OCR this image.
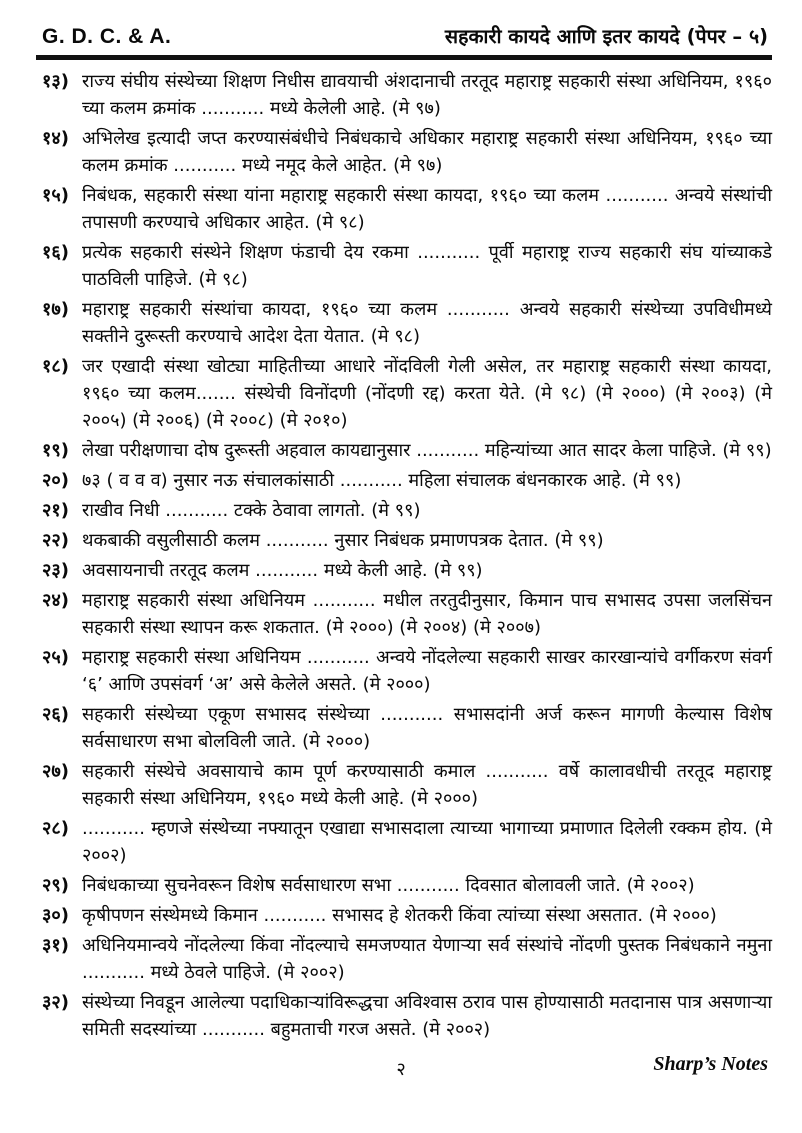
G. D. C. & A.	सहकारी कायदे आणि इतर कायदे (पेपर – ५)
१३) राज्य संघीय संस्थेच्या शिक्षण निधीस द्यावयाची अंशदानाची तरतूद महाराष्ट्र सहकारी संस्था अधिनियम, १९६० च्या कलम क्रमांक ........... मध्ये केलेली आहे. (मे ९७)
१४) अभिलेख इत्यादी जप्त करण्यासंबंधीचे निबंधकाचे अधिकार महाराष्ट्र सहकारी संस्था अधिनियम, १९६० च्या कलम क्रमांक ........... मध्ये नमूद केले आहेत. (मे ९७)
१५) निबंधक, सहकारी संस्था यांना महाराष्ट्र सहकारी संस्था कायदा, १९६० च्या कलम ........... अन्वये संस्थांची तपासणी करण्याचे अधिकार आहेत. (मे ९८)
१६) प्रत्येक सहकारी संस्थेने शिक्षण फंडाची देय रकमा ........... पूर्वी महाराष्ट्र राज्य सहकारी संघ यांच्याकडे पाठविली पाहिजे. (मे ९८)
१७) महाराष्ट्र सहकारी संस्थांचा कायदा, १९६० च्या कलम ........... अन्वये सहकारी संस्थेच्या उपविधीमध्ये सक्तीने दुरूस्ती करण्याचे आदेश देता येतात. (मे ९८)
१८) जर एखादी संस्था खोट्या माहितीच्या आधारे नोंदविली गेली असेल, तर महाराष्ट्र सहकारी संस्था कायदा, १९६० च्या कलम....... संस्थेची विनोंदणी (नोंदणी रद्द) करता येते. (मे ९८) (मे २०००) (मे २००३) (मे २००५) (मे २००६) (मे २००८) (मे २०१०)
१९) लेखा परीक्षणाचा दोष दुरूस्ती अहवाल कायद्यानुसार ........... महिन्यांच्या आत सादर केला पाहिजे. (मे ९९)
२०) ७३ ( व व व) नुसार नऊ संचालकांसाठी ........... महिला संचालक बंधनकारक आहे. (मे ९९)
२१) राखीव निधी ........... टक्के ठेवावा लागतो. (मे ९९)
२२) थकबाकी वसुलीसाठी कलम ........... नुसार निबंधक प्रमाणपत्रक देतात. (मे ९९)
२३) अवसायनाची तरतूद कलम ........... मध्ये केली आहे. (मे ९९)
२४) महाराष्ट्र सहकारी संस्था अधिनियम ........... मधील तरतुदीनुसार, किमान पाच सभासद उपसा जलसिंचन सहकारी संस्था स्थापन करू शकतात. (मे २०००) (मे २००४) (मे २००७)
२५) महाराष्ट्र सहकारी संस्था अधिनियम ........... अन्वये नोंदलेल्या सहकारी साखर कारखान्यांचे वर्गीकरण संवर्ग ‘६’ आणि उपसंवर्ग ‘अ’ असे केलेले असते. (मे २०००)
२६) सहकारी संस्थेच्या एकूण सभासद संस्थेच्या ........... सभासदांनी अर्ज करून मागणी केल्यास विशेष सर्वसाधारण सभा बोलविली जाते. (मे २०००)
२७) सहकारी संस्थेचे अवसायाचे काम पूर्ण करण्यासाठी कमाल ........... वर्षे कालावधीची तरतूद महाराष्ट्र सहकारी संस्था अधिनियम, १९६० मध्ये केली आहे. (मे २०००)
२८) ........... म्हणजे संस्थेच्या नफ्यातून एखाद्या सभासदाला त्याच्या भागाच्या प्रमाणात दिलेली रक्कम होय. (मे २००२)
२९) निबंधकाच्या सुचनेवरून विशेष सर्वसाधारण सभा ........... दिवसात बोलावली जाते. (मे २००२)
३०) कृषीपणन संस्थेमध्ये किमान ........... सभासद हे शेतकरी किंवा त्यांच्या संस्था असतात. (मे २०००)
३१) अधिनियमान्वये नोंदलेल्या किंवा नोंदल्याचे समजण्यात येणाऱ्या सर्व संस्थांचे नोंदणी पुस्तक निबंधकाने नमुना ........... मध्ये ठेवले पाहिजे. (मे २००२)
३२) संस्थेच्या निवडून आलेल्या पदाधिकाऱ्यांविरूद्धचा अविश्वास ठराव पास होण्यासाठी मतदानास पात्र असणाऱ्या समिती सदस्यांच्या ........... बहुमताची गरज असते. (मे २००२)
२	Sharp’s Notes
